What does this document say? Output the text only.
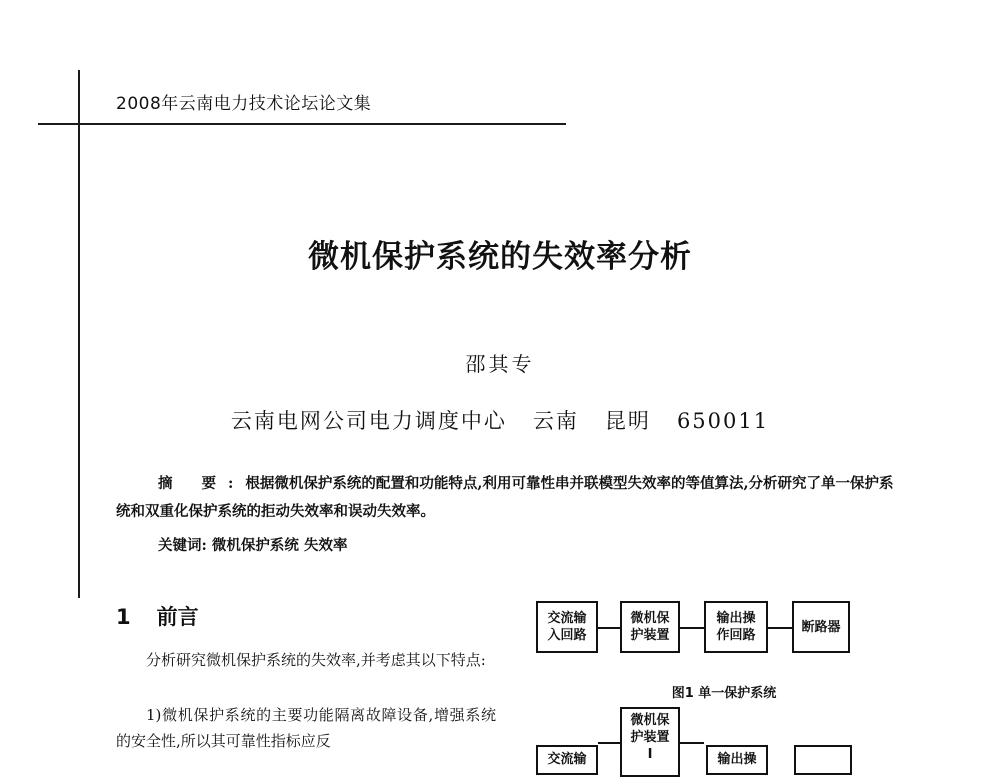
2008年云南电力技术论坛论文集
微机保护系统的失效率分析
邵其专
云南电网公司电力调度中心   云南   昆明   650011
摘 要:根据微机保护系统的配置和功能特点,利用可靠性串并联模型失效率的等值算法,分析研究了单一保护系统和双重化保护系统的拒动失效率和误动失效率。
关键词: 微机保护系统 失效率
1 前言
分析研究微机保护系统的失效率,并考虑其以下特点:
1)微机保护系统的主要功能隔离故障设备,增强系统的安全性,所以其可靠性指标应反
交流输
入回路
微机保
护装置
输出操
作回路
断路器
图1 单一保护系统
微机保
护装置
Ⅰ
交流输	输出操
